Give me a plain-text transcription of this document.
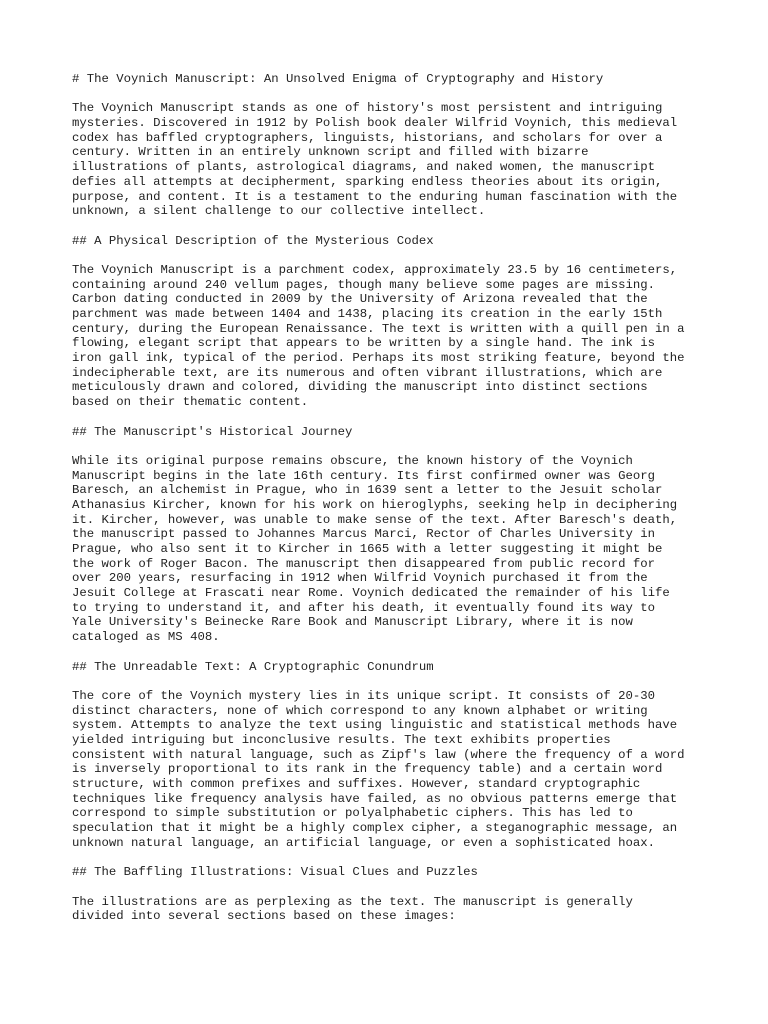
# The Voynich Manuscript: An Unsolved Enigma of Cryptography and History
The Voynich Manuscript stands as one of history's most persistent and intriguing
mysteries. Discovered in 1912 by Polish book dealer Wilfrid Voynich, this medieval
codex has baffled cryptographers, linguists, historians, and scholars for over a
century. Written in an entirely unknown script and filled with bizarre
illustrations of plants, astrological diagrams, and naked women, the manuscript
defies all attempts at decipherment, sparking endless theories about its origin,
purpose, and content. It is a testament to the enduring human fascination with the
unknown, a silent challenge to our collective intellect.
## A Physical Description of the Mysterious Codex
The Voynich Manuscript is a parchment codex, approximately 23.5 by 16 centimeters,
containing around 240 vellum pages, though many believe some pages are missing.
Carbon dating conducted in 2009 by the University of Arizona revealed that the
parchment was made between 1404 and 1438, placing its creation in the early 15th
century, during the European Renaissance. The text is written with a quill pen in a
flowing, elegant script that appears to be written by a single hand. The ink is
iron gall ink, typical of the period. Perhaps its most striking feature, beyond the
indecipherable text, are its numerous and often vibrant illustrations, which are
meticulously drawn and colored, dividing the manuscript into distinct sections
based on their thematic content.
## The Manuscript's Historical Journey
While its original purpose remains obscure, the known history of the Voynich
Manuscript begins in the late 16th century. Its first confirmed owner was Georg
Baresch, an alchemist in Prague, who in 1639 sent a letter to the Jesuit scholar
Athanasius Kircher, known for his work on hieroglyphs, seeking help in deciphering
it. Kircher, however, was unable to make sense of the text. After Baresch's death,
the manuscript passed to Johannes Marcus Marci, Rector of Charles University in
Prague, who also sent it to Kircher in 1665 with a letter suggesting it might be
the work of Roger Bacon. The manuscript then disappeared from public record for
over 200 years, resurfacing in 1912 when Wilfrid Voynich purchased it from the
Jesuit College at Frascati near Rome. Voynich dedicated the remainder of his life
to trying to understand it, and after his death, it eventually found its way to
Yale University's Beinecke Rare Book and Manuscript Library, where it is now
cataloged as MS 408.
## The Unreadable Text: A Cryptographic Conundrum
The core of the Voynich mystery lies in its unique script. It consists of 20-30
distinct characters, none of which correspond to any known alphabet or writing
system. Attempts to analyze the text using linguistic and statistical methods have
yielded intriguing but inconclusive results. The text exhibits properties
consistent with natural language, such as Zipf's law (where the frequency of a word
is inversely proportional to its rank in the frequency table) and a certain word
structure, with common prefixes and suffixes. However, standard cryptographic
techniques like frequency analysis have failed, as no obvious patterns emerge that
correspond to simple substitution or polyalphabetic ciphers. This has led to
speculation that it might be a highly complex cipher, a steganographic message, an
unknown natural language, an artificial language, or even a sophisticated hoax.
## The Baffling Illustrations: Visual Clues and Puzzles
The illustrations are as perplexing as the text. The manuscript is generally
divided into several sections based on these images:
